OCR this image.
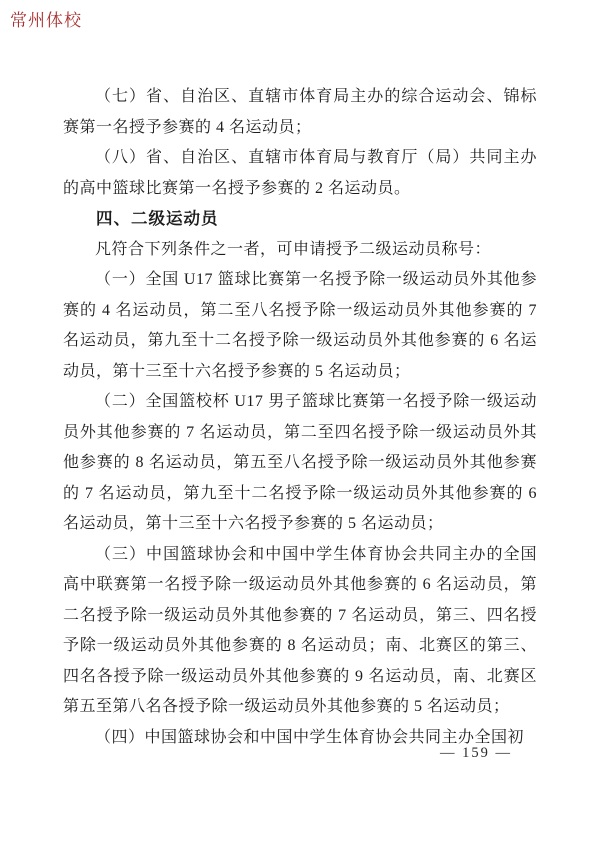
常州体校

（七）省、自治区、直辖市体育局主办的综合运动会、锦标赛第一名授予参赛的 4 名运动员；

（八）省、自治区、直辖市体育局与教育厅（局）共同主办的高中篮球比赛第一名授予参赛的 2 名运动员。

四、二级运动员

凡符合下列条件之一者，可申请授予二级运动员称号：

（一）全国 U17 篮球比赛第一名授予除一级运动员外其他参赛的 4 名运动员，第二至八名授予除一级运动员外其他参赛的 7 名运动员，第九至十二名授予除一级运动员外其他参赛的 6 名运动员，第十三至十六名授予参赛的 5 名运动员；

（二）全国篮校杯 U17 男子篮球比赛第一名授予除一级运动员外其他参赛的 7 名运动员，第二至四名授予除一级运动员外其他参赛的 8 名运动员，第五至八名授予除一级运动员外其他参赛的 7 名运动员，第九至十二名授予除一级运动员外其他参赛的 6 名运动员，第十三至十六名授予参赛的 5 名运动员；

（三）中国篮球协会和中国中学生体育协会共同主办的全国高中联赛第一名授予除一级运动员外其他参赛的 6 名运动员，第二名授予除一级运动员外其他参赛的 7 名运动员，第三、四名授予除一级运动员外其他参赛的 8 名运动员；南、北赛区的第三、四名各授予除一级运动员外其他参赛的 9 名运动员，南、北赛区第五至第八名各授予除一级运动员外其他参赛的 5 名运动员；

（四）中国篮球协会和中国中学生体育协会共同主办全国初

— 159 —
